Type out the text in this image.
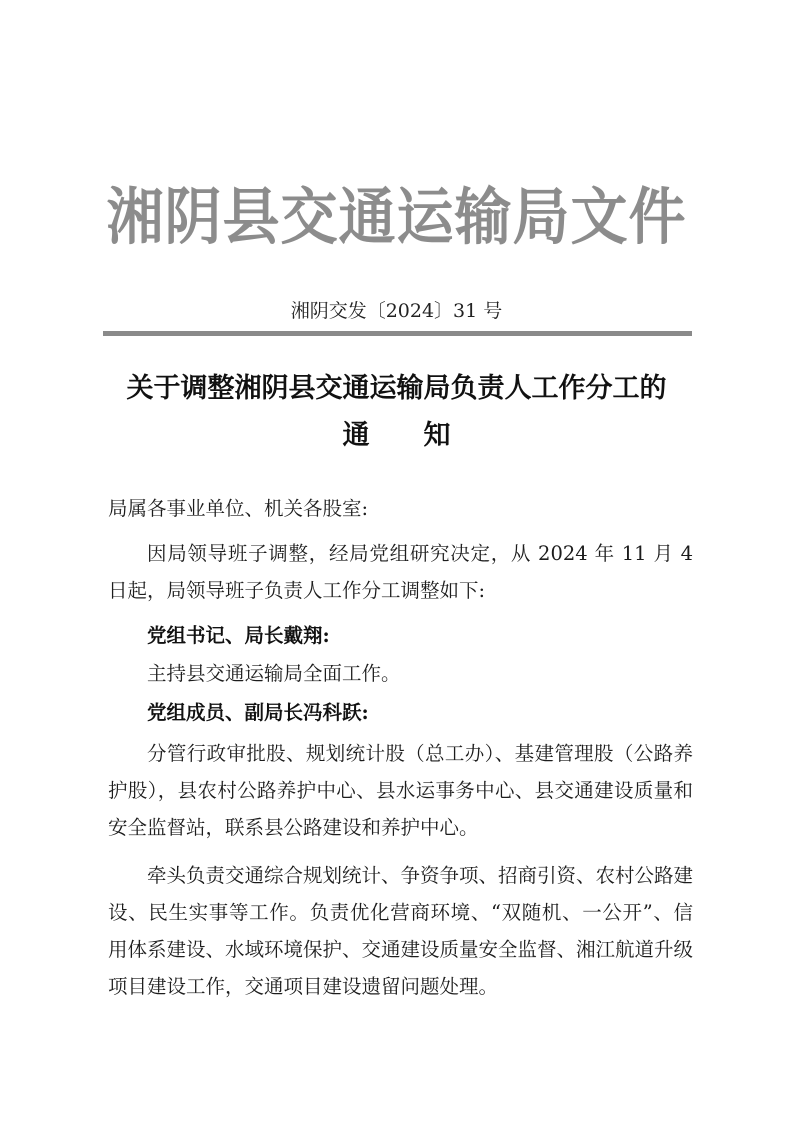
湘阴县交通运输局文件
湘阴交发〔2024〕31 号
关于调整湘阴县交通运输局负责人工作分工的
通　　知
局属各事业单位、机关各股室:
因局领导班子调整，经局党组研究决定，从 2024 年 11 月 4 日起，局领导班子负责人工作分工调整如下:
党组书记、局长戴翔:
主持县交通运输局全面工作。
党组成员、副局长冯科跃:
分管行政审批股、规划统计股（总工办）、基建管理股（公路养护股），县农村公路养护中心、县水运事务中心、县交通建设质量和安全监督站，联系县公路建设和养护中心。
牵头负责交通综合规划统计、争资争项、招商引资、农村公路建设、民生实事等工作。负责优化营商环境、“双随机、一公开”、信用体系建设、水域环境保护、交通建设质量安全监督、湘江航道升级项目建设工作，交通项目建设遗留问题处理。
